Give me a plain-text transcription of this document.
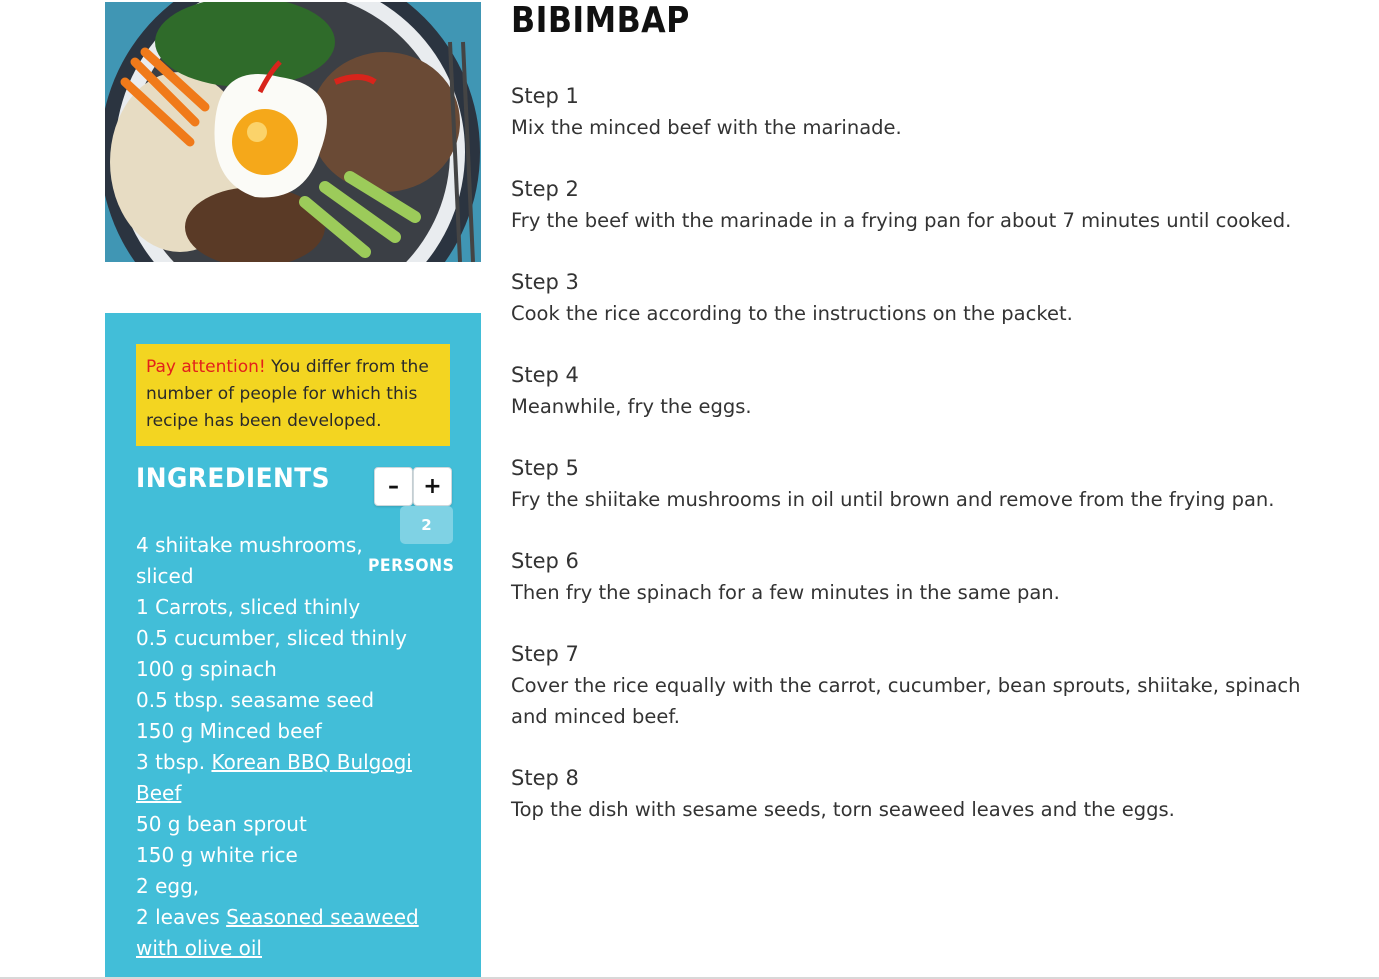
Pay attention! You differ from the number of people for which this recipe has been developed.
INGREDIENTS	–	+
2
4 shiitake mushrooms, sliced
1 Carrots, sliced thinly
0.5 cucumber, sliced thinly
100 g spinach
0.5 tbsp. seasame seed
150 g Minced beef
3 tbsp. Korean BBQ Bulgogi Beef
50 g bean sprout
150 g white rice
2 egg,
2 leaves Seasoned seaweed with olive oil
PERSONS
BIBIMBAP
Step 1
Mix the minced beef with the marinade.
Step 2
Fry the beef with the marinade in a frying pan for about 7 minutes until cooked.
Step 3
Cook the rice according to the instructions on the packet.
Step 4
Meanwhile, fry the eggs.
Step 5
Fry the shiitake mushrooms in oil until brown and remove from the frying pan.
Step 6
Then fry the spinach for a few minutes in the same pan.
Step 7
Cover the rice equally with the carrot, cucumber, bean sprouts, shiitake, spinach and minced beef.
Step 8
Top the dish with sesame seeds, torn seaweed leaves and the eggs.
